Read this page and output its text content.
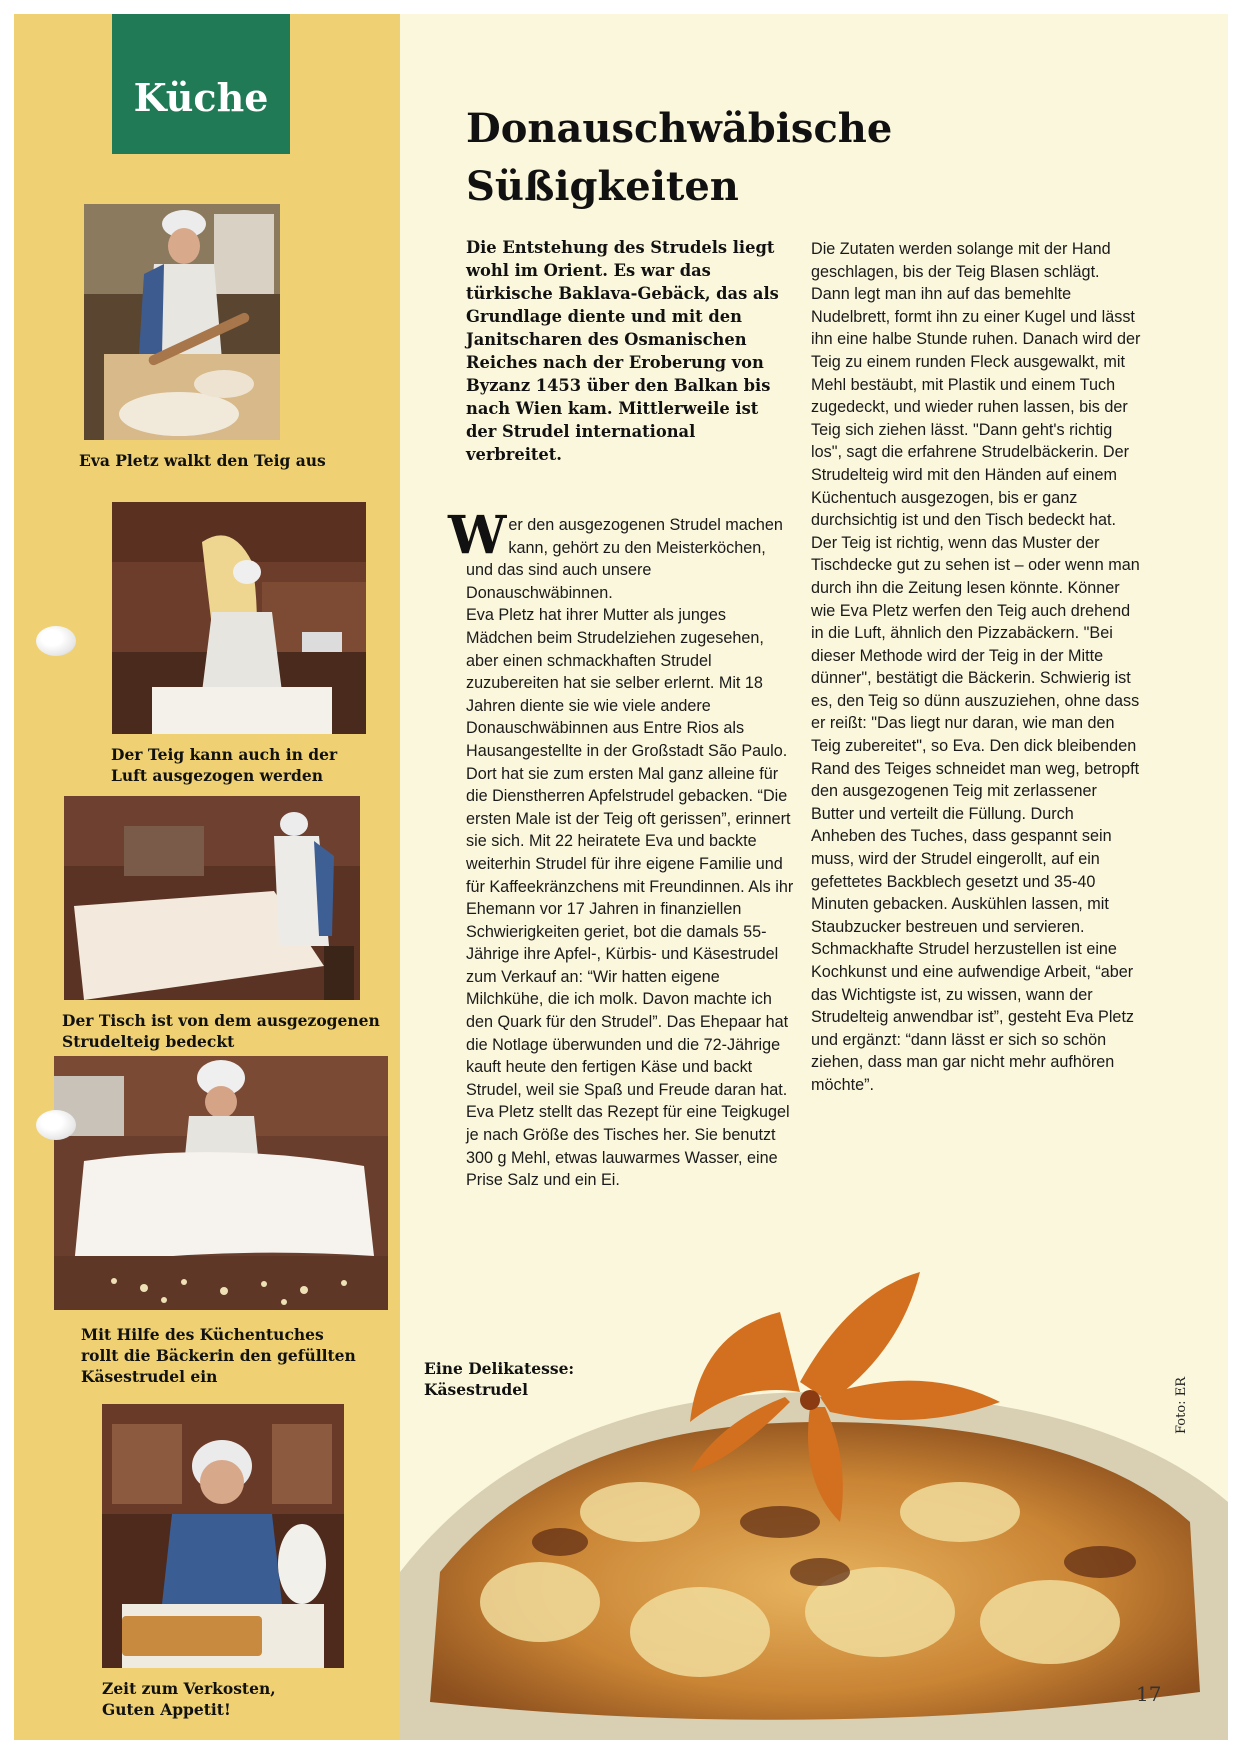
Küche
Eva Pletz walkt den Teig aus
Der Teig kann auch in der
Luft ausgezogen werden
Der Tisch ist von dem ausgezogenen
Strudelteig bedeckt
Mit Hilfe des Küchentuches
rollt die Bäckerin den gefüllten
Käsestrudel ein
Zeit zum Verkosten,
Guten Appetit!
Donauschwäbische
Süßigkeiten
Die Entstehung des Strudels liegt wohl im Orient. Es war das türkische Baklava-Gebäck, das als Grundlage diente und mit den Janitscharen des Osmanischen Reiches nach der Eroberung von Byzanz 1453 über den Balkan bis nach Wien kam. Mittlerweile ist der Strudel international verbreitet.
W er den ausgezogenen Strudel machen kann, gehört zu den Meisterköchen, und das sind auch unsere Donauschwäbinnen.
Eva Pletz hat ihrer Mutter als junges Mädchen beim Strudelziehen zugesehen, aber einen schmackhaften Strudel zuzubereiten hat sie selber erlernt. Mit 18 Jahren diente sie wie viele andere Donauschwäbinnen aus Entre Rios als Hausangestellte in der Großstadt São Paulo. Dort hat sie zum ersten Mal ganz alleine für die Dienstherren Apfelstrudel gebacken. “Die ersten Male ist der Teig oft gerissen”, erinnert sie sich. Mit 22 heiratete Eva und backte weiterhin Strudel für ihre eigene Familie und für Kaffeekränzchens mit Freundinnen. Als ihr Ehemann vor 17 Jahren in finanziellen Schwierigkeiten geriet, bot die damals 55-Jährige ihre Apfel-, Kürbis- und Käsestrudel zum Verkauf an: “Wir hatten eigene Milchkühe, die ich molk. Davon machte ich den Quark für den Strudel”. Das Ehepaar hat die Notlage überwunden und die 72-Jährige kauft heute den fertigen Käse und backt Strudel, weil sie Spaß und Freude daran hat. Eva Pletz stellt das Rezept für eine Teigkugel je nach Größe des Tisches her. Sie benutzt 300 g Mehl, etwas lauwarmes Wasser, eine Prise Salz und ein Ei.
Die Zutaten werden solange mit der Hand geschlagen, bis der Teig Blasen schlägt. Dann legt man ihn auf das bemehlte Nudelbrett, formt ihn zu einer Kugel und lässt ihn eine halbe Stunde ruhen. Danach wird der Teig zu einem runden Fleck ausgewalkt, mit Mehl bestäubt, mit Plastik und einem Tuch zugedeckt, und wieder ruhen lassen, bis der Teig sich ziehen lässt. "Dann geht's richtig los", sagt die erfahrene Strudelbäckerin. Der Strudelteig wird mit den Händen auf einem Küchentuch ausgezogen, bis er ganz durchsichtig ist und den Tisch bedeckt hat. Der Teig ist richtig, wenn das Muster der Tischdecke gut zu sehen ist – oder wenn man durch ihn die Zeitung lesen könnte. Könner wie Eva Pletz werfen den Teig auch drehend in die Luft, ähnlich den Pizzabäckern. "Bei dieser Methode wird der Teig in der Mitte dünner", bestätigt die Bäckerin. Schwierig ist es, den Teig so dünn auszuziehen, ohne dass er reißt: "Das liegt nur daran, wie man den Teig zubereitet", so Eva. Den dick bleibenden Rand des Teiges schneidet man weg, betropft den ausgezogenen Teig mit zerlassener Butter und verteilt die Füllung. Durch Anheben des Tuches, dass gespannt sein muss, wird der Strudel eingerollt, auf ein gefettetes Backblech gesetzt und 35-40 Minuten gebacken. Auskühlen lassen, mit Staubzucker bestreuen und servieren. Schmackhafte Strudel herzustellen ist eine Kochkunst und eine aufwendige Arbeit, “aber das Wichtigste ist, zu wissen, wann der Strudelteig anwendbar ist”, gesteht Eva Pletz und ergänzt: “dann lässt er sich so schön ziehen, dass man gar nicht mehr aufhören möchte”.
Eine Delikatesse:
Käsestrudel	Foto: ER
17
